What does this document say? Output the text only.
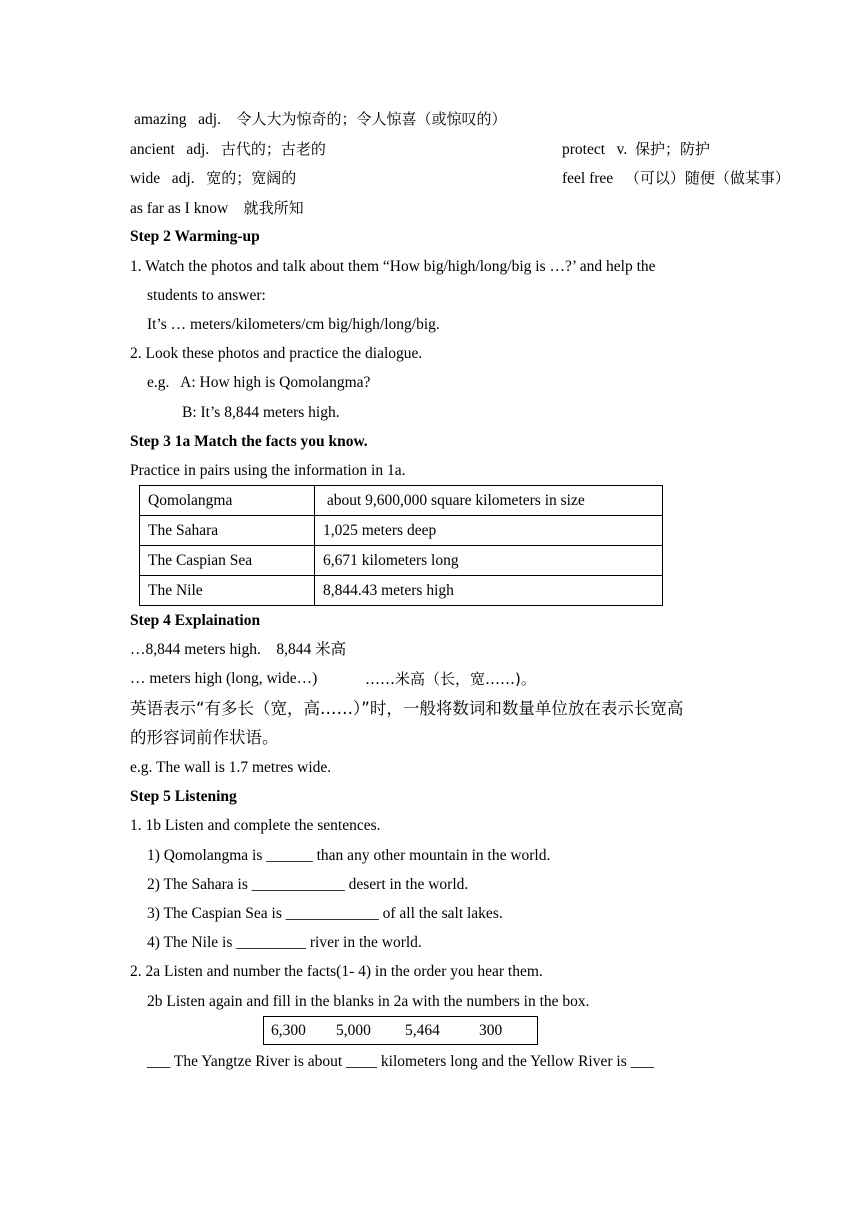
amazing adj. 令人大为惊奇的；令人惊喜（或惊叹的）
ancient adj. 古代的；古老的	protect v. 保护；防护
wide adj. 宽的；宽阔的	feel free （可以）随便（做某事）
as far as I know 就我所知
Step 2 Warming-up
1. Watch the photos and talk about them “How big/high/long/big is …?’ and help the
students to answer:
It’s … meters/kilometers/cm big/high/long/big.
2. Look these photos and practice the dialogue.
e.g.   A: How high is Qomolangma?
B: It’s 8,844 meters high.
Step 3 1a Match the facts you know.
Practice in pairs using the information in 1a.
Qomolangma	about 9,600,000 square kilometers in size
The Sahara	1,025 meters deep
The Caspian Sea	6,671 kilometers long
The Nile	8,844.43 meters high
Step 4 Explaination
…8,844 meters high.    8,844 米高
… meters high (long, wide…)	……米高（长，宽……)。
英语表示“有多长（宽，高……）”时，一般将数词和数量单位放在表示长宽高
的形容词前作状语。
e.g. The wall is 1.7 metres wide.
Step 5 Listening
1. 1b Listen and complete the sentences.
1) Qomolangma is ______ than any other mountain in the world.
2) The Sahara is ____________ desert in the world.
3) The Caspian Sea is ____________ of all the salt lakes.
4) The Nile is _________ river in the world.
2. 2a Listen and number the facts(1- 4) in the order you hear them.
2b Listen again and fill in the blanks in 2a with the numbers in the box.
6,300 5,000 5,464	300
___ The Yangtze River is about ____ kilometers long and the Yellow River is ___
